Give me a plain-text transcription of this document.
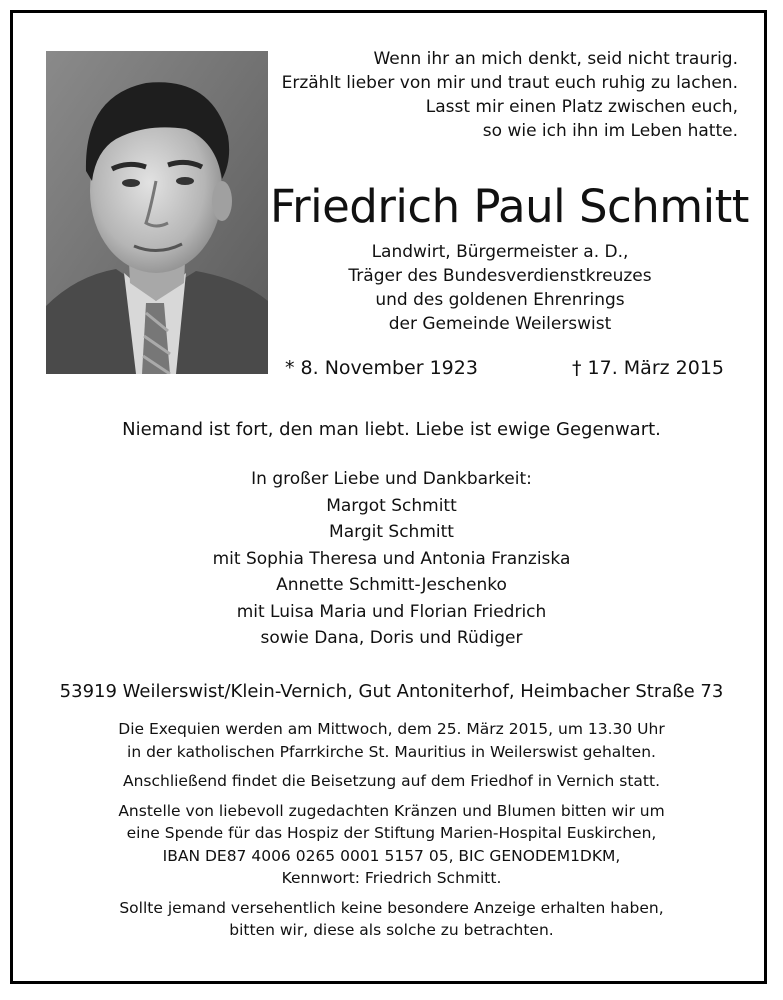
Wenn ihr an mich denkt, seid nicht traurig.
Erzählt lieber von mir und traut euch ruhig zu lachen.
Lasst mir einen Platz zwischen euch,
so wie ich ihn im Leben hatte.
Friedrich Paul Schmitt
Landwirt, Bürgermeister a. D.,
Träger des Bundesverdienstkreuzes
und des goldenen Ehrenrings
der Gemeinde Weilerswist
* 8. November 1923	† 17. März 2015
Niemand ist fort, den man liebt. Liebe ist ewige Gegenwart.
In großer Liebe und Dankbarkeit:
Margot Schmitt
Margit Schmitt
mit Sophia Theresa und Antonia Franziska
Annette Schmitt-Jeschenko
mit Luisa Maria und Florian Friedrich
sowie Dana, Doris und Rüdiger
53919 Weilerswist/Klein-Vernich, Gut Antoniterhof, Heimbacher Straße 73
Die Exequien werden am Mittwoch, dem 25. März 2015, um 13.30 Uhr
in der katholischen Pfarrkirche St. Mauritius in Weilerswist gehalten.
Anschließend findet die Beisetzung auf dem Friedhof in Vernich statt.
Anstelle von liebevoll zugedachten Kränzen und Blumen bitten wir um
eine Spende für das Hospiz der Stiftung Marien-Hospital Euskirchen,
IBAN DE87 4006 0265 0001 5157 05, BIC GENODEM1DKM,
Kennwort: Friedrich Schmitt.
Sollte jemand versehentlich keine besondere Anzeige erhalten haben,
bitten wir, diese als solche zu betrachten.
